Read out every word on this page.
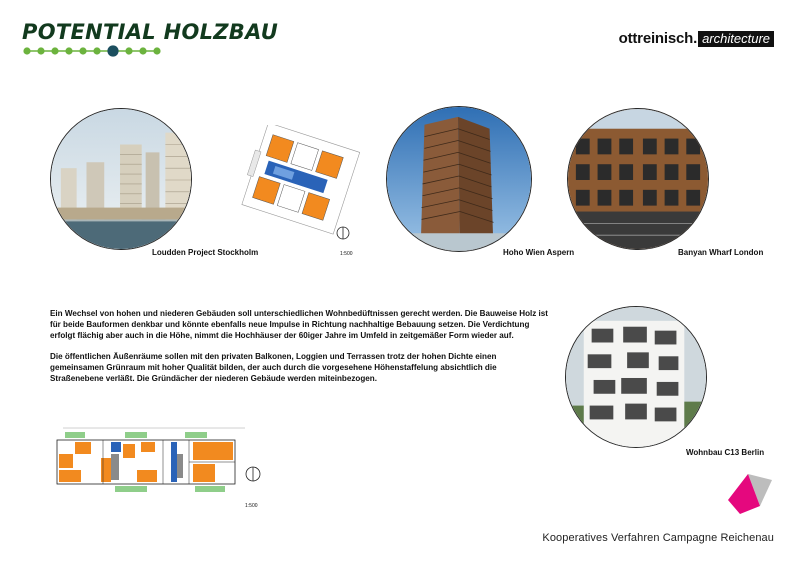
POTENTIAL HOLZBAU	ottreinisch. architecture
Loudden Project Stockholm	1:500	Hoho Wien Aspern	Banyan Wharf London

Ein Wechsel von hohen und niederen Gebäuden soll unterschiedlichen Wohnbedüftnissen gerecht werden. Die Bauweise Holz ist für beide Bauformen denkbar und könnte ebenfalls neue Impulse in Richtung nachhaltige Bebauung setzen. Die Verdichtung erfolgt flächig aber auch in die Höhe, nimmt die Hochhäuser der 60iger Jahre im Umfeld in zeitgemäßer Form wieder auf.

Die öffentlichen Äußenräume sollen mit den privaten Balkonen, Loggien und Terrassen trotz der hohen Dichte einen gemeinsamen Grünraum mit hoher Qualität bilden, der auch durch die vorgesehene Höhenstaffelung absichtlich die Straßenebene verläßt. Die Gründächer der niederen Gebäude werden miteinbezogen.

Wohnbau C13 Berlin
1:500
Kooperatives Verfahren Campagne Reichenau
